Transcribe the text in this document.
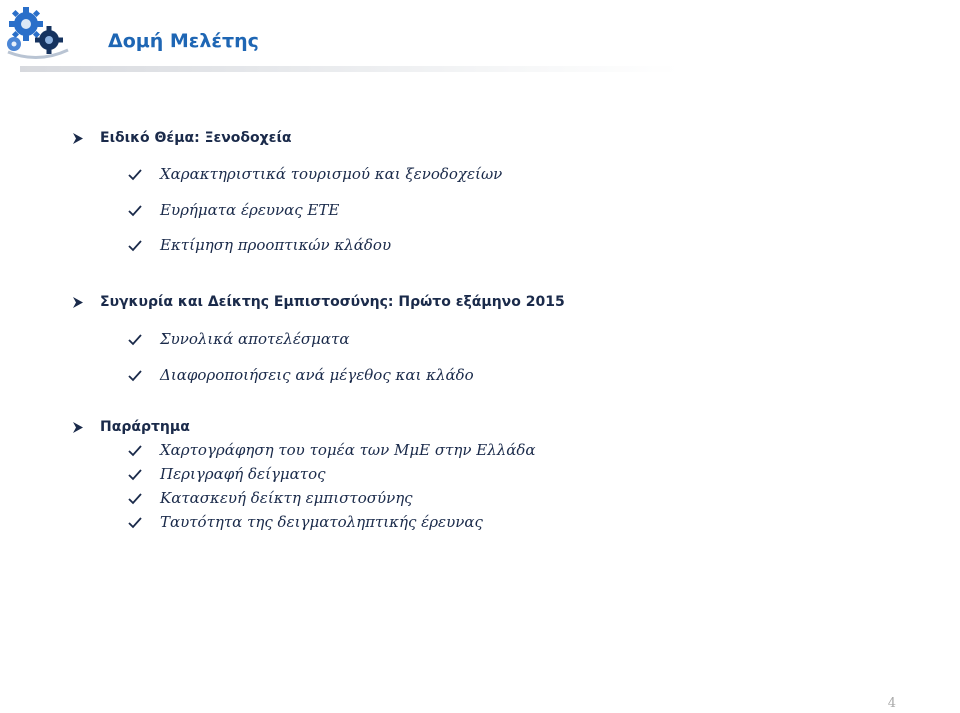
Δομή Μελέτης
Ειδικό Θέμα: Ξενοδοχεία
Χαρακτηριστικά τουρισμού και ξενοδοχείων
Ευρήματα έρευνας ΕΤΕ
Εκτίμηση προοπτικών κλάδου
Συγκυρία και Δείκτης Εμπιστοσύνης: Πρώτο εξάμηνο 2015
Συνολικά αποτελέσματα
Διαφοροποιήσεις ανά μέγεθος και κλάδο
Παράρτημα
Χαρτογράφηση του τομέα των ΜμΕ στην Ελλάδα
Περιγραφή δείγματος
Κατασκευή δείκτη εμπιστοσύνης
Ταυτότητα της δειγματοληπτικής έρευνας
4
